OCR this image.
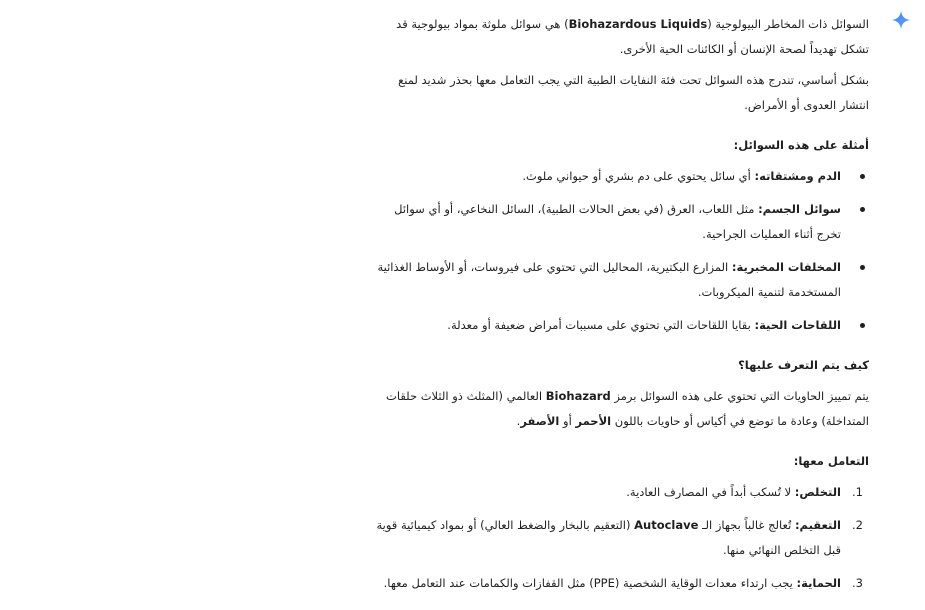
السوائل ذات المخاطر البيولوجية (Biohazardous Liquids) هي سوائل ملوثة بمواد بيولوجية قد تشكل تهديداً لصحة الإنسان أو الكائنات الحية الأخرى.

بشكل أساسي، تندرج هذه السوائل تحت فئة النفايات الطبية التي يجب التعامل معها بحذر شديد لمنع انتشار العدوى أو الأمراض.

أمثلة على هذه السوائل:

الدم ومشتقاته: أي سائل يحتوي على دم بشري أو حيواني ملوث.
سوائل الجسم: مثل اللعاب، العرق (في بعض الحالات الطبية)، السائل النخاعي، أو أي سوائل تخرج أثناء العمليات الجراحية.
المخلفات المخبرية: المزارع البكتيرية، المحاليل التي تحتوي على فيروسات، أو الأوساط الغذائية المستخدمة لتنمية الميكروبات.
اللقاحات الحية: بقايا اللقاحات التي تحتوي على مسببات أمراض ضعيفة أو معدلة.

كيف يتم التعرف عليها؟

يتم تمييز الحاويات التي تحتوي على هذه السوائل برمز Biohazard العالمي (المثلث ذو الثلاث حلقات المتداخلة) وعادة ما توضع في أكياس أو حاويات باللون الأحمر أو الأصفر.

التعامل معها:

1.
التخلص: لا تُسكب أبداً في المصارف العادية.
2.
التعقيم: تُعالج غالباً بجهاز الـ Autoclave (التعقيم بالبخار والضغط العالي) أو بمواد كيميائية قوية قبل التخلص النهائي منها.
3.
الحماية: يجب ارتداء معدات الوقاية الشخصية (PPE) مثل القفازات والكمامات عند التعامل معها.
